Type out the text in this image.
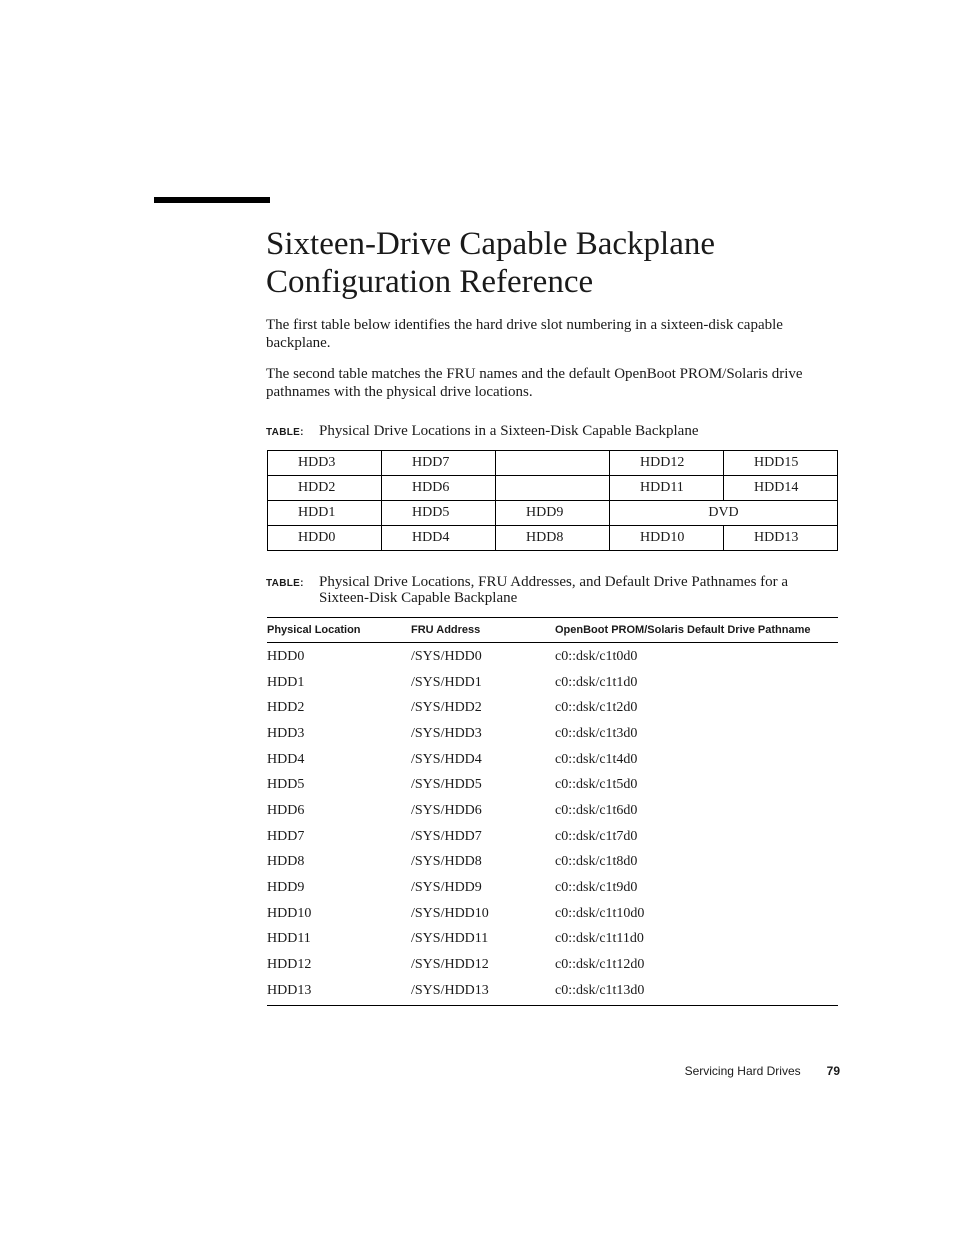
Sixteen-Drive Capable Backplane Configuration Reference

The first table below identifies the hard drive slot numbering in a sixteen-disk capable backplane.

The second table matches the FRU names and the default OpenBoot PROM/Solaris drive pathnames with the physical drive locations.

TABLE:	Physical Drive Locations in a Sixteen-Disk Capable Backplane
HDD3	HDD7		HDD12	HDD15
HDD2	HDD6		HDD11	HDD14
HDD1	HDD5	HDD9	DVD	
HDD0	HDD4	HDD8	HDD10	HDD13
TABLE:	Physical Drive Locations, FRU Addresses, and Default Drive Pathnames for a Sixteen-Disk Capable Backplane
Physical Location	FRU Address	OpenBoot PROM/Solaris Default Drive Pathname
HDD0	/SYS/HDD0	c0::dsk/c1t0d0
HDD1	/SYS/HDD1	c0::dsk/c1t1d0
HDD2	/SYS/HDD2	c0::dsk/c1t2d0
HDD3	/SYS/HDD3	c0::dsk/c1t3d0
HDD4	/SYS/HDD4	c0::dsk/c1t4d0
HDD5	/SYS/HDD5	c0::dsk/c1t5d0
HDD6	/SYS/HDD6	c0::dsk/c1t6d0
HDD7	/SYS/HDD7	c0::dsk/c1t7d0
HDD8	/SYS/HDD8	c0::dsk/c1t8d0
HDD9	/SYS/HDD9	c0::dsk/c1t9d0
HDD10	/SYS/HDD10	c0::dsk/c1t10d0
HDD11	/SYS/HDD11	c0::dsk/c1t11d0
HDD12	/SYS/HDD12	c0::dsk/c1t12d0
HDD13	/SYS/HDD13	c0::dsk/c1t13d0
Servicing Hard Drives 79
